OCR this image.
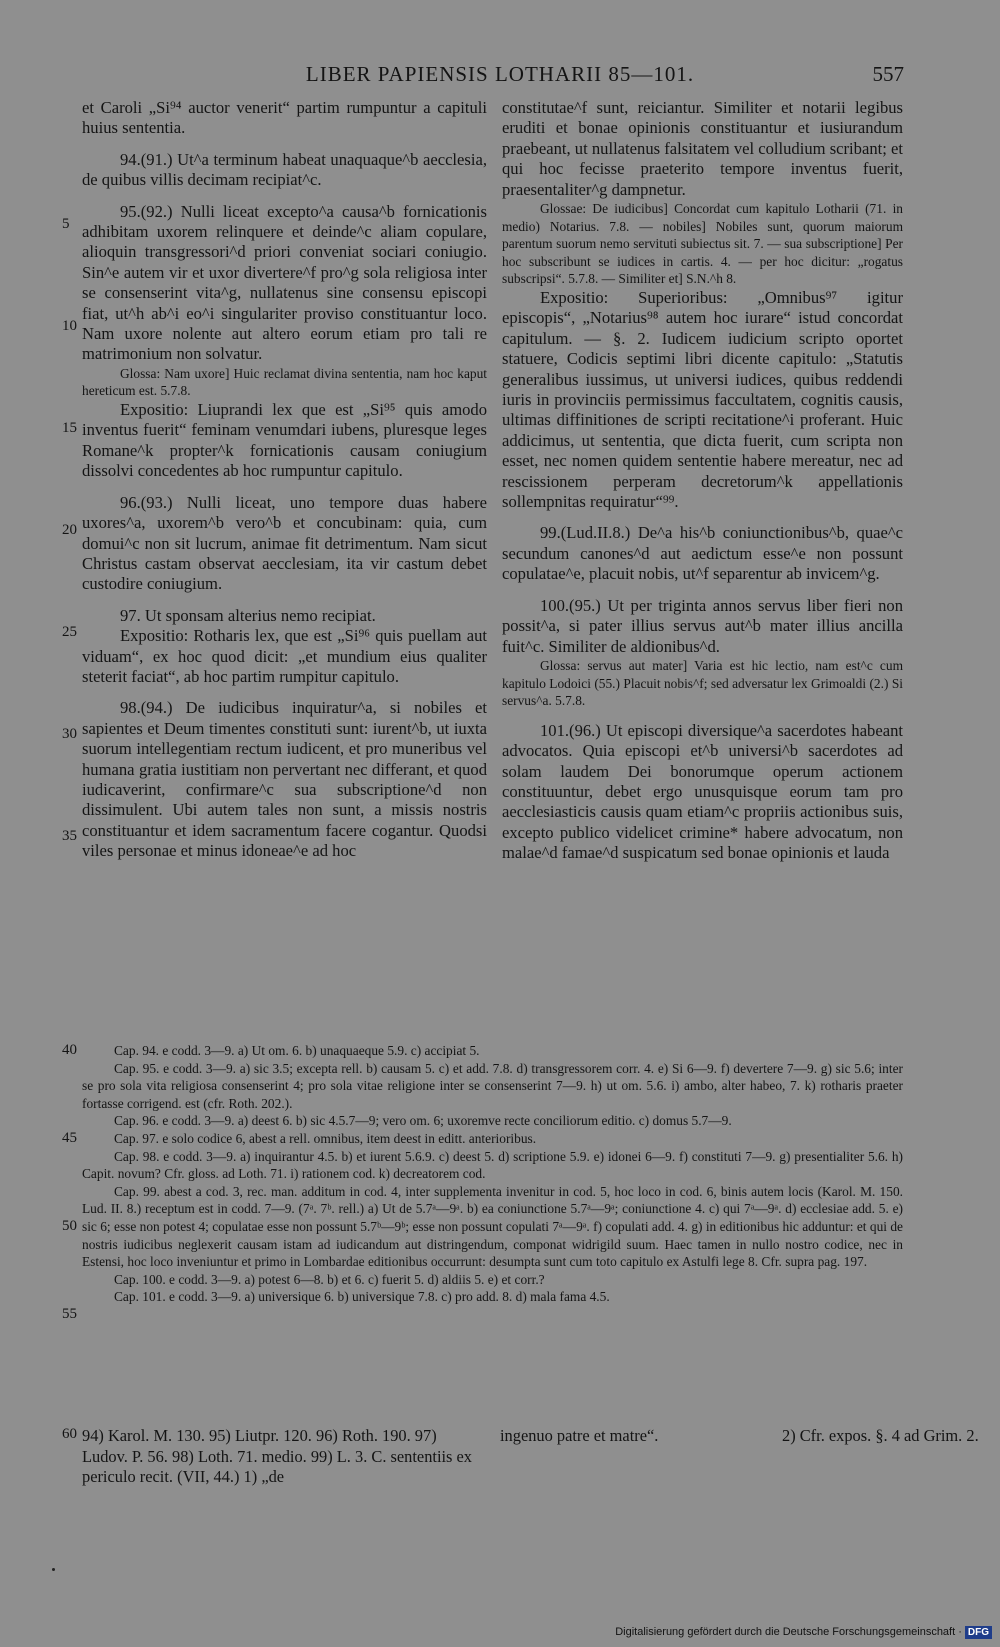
LIBER PAPIENSIS LOTHARII 85—101.	557
5
10
15
20
25
30
35
40
45
50
55
60

et Caroli „Si⁹⁴ auctor venerit“ partim rumpuntur a capituli huius sententia.

94.(91.) Ut^a terminum habeat unaquaque^b aecclesia, de quibus villis decimam recipiat^c.

95.(92.) Nulli liceat excepto^a causa^b fornicationis adhibitam uxorem relinquere et deinde^c aliam copulare, alioquin transgressori^d priori conveniat sociari coniugio. Sin^e autem vir et uxor divertere^f pro^g sola religiosa inter se consenserint vita^g, nullatenus sine consensu episcopi fiat, ut^h ab^i eo^i singulariter proviso constituantur loco. Nam uxore nolente aut altero eorum etiam pro tali re matrimonium non solvatur.

Glossa: Nam uxore] Huic reclamat divina sententia, nam hoc kaput hereticum est. 5.7.8.

Expositio: Liuprandi lex que est „Si⁹⁵ quis amodo inventus fuerit“ feminam venumdari iubens, pluresque leges Romane^k propter^k fornicationis causam coniugium dissolvi concedentes ab hoc rumpuntur capitulo.

96.(93.) Nulli liceat, uno tempore duas habere uxores^a, uxorem^b vero^b et concubinam: quia, cum domui^c non sit lucrum, animae fit detrimentum. Nam sicut Christus castam observat aecclesiam, ita vir castum debet custodire coniugium.

97. Ut sponsam alterius nemo recipiat.

Expositio: Rotharis lex, que est „Si⁹⁶ quis puellam aut viduam“, ex hoc quod dicit: „et mundium eius qualiter steterit faciat“, ab hoc partim rumpitur capitulo.

98.(94.) De iudicibus inquiratur^a, si nobiles et sapientes et Deum timentes constituti sunt: iurent^b, ut iuxta suorum intellegentiam rectum iudicent, et pro muneribus vel humana gratia iustitiam non pervertant nec differant, et quod iudicaverint, confirmare^c sua subscriptione^d non dissimulent. Ubi autem tales non sunt, a missis nostris constituantur et idem sacramentum facere cogantur. Quodsi viles personae et minus idoneae^e ad hoc

constitutae^f sunt, reiciantur. Similiter et notarii legibus eruditi et bonae opinionis constituantur et iusiurandum praebeant, ut nullatenus falsitatem vel colludium scribant; et qui hoc fecisse praeterito tempore inventus fuerit, praesentaliter^g dampnetur.

Glossae: De iudicibus] Concordat cum kapitulo Lotharii (71. in medio) Notarius. 7.8. — nobiles] Nobiles sunt, quorum maiorum parentum suorum nemo servituti subiectus sit. 7. — sua subscriptione] Per hoc subscribunt se iudices in cartis. 4. — per hoc dicitur: „rogatus subscripsi“. 5.7.8. — Similiter et] S.N.^h 8.

Expositio: Superioribus: „Omnibus⁹⁷ igitur episcopis“, „Notarius⁹⁸ autem hoc iurare“ istud concordat capitulum. — §. 2. Iudicem iudicium scripto oportet statuere, Codicis septimi libri dicente capitulo: „Statutis generalibus iussimus, ut universi iudices, quibus reddendi iuris in provinciis permissimus faccultatem, cognitis causis, ultimas diffinitiones de scripti recitatione^i proferant. Huic addicimus, ut sententia, que dicta fuerit, cum scripta non esset, nec nomen quidem sententie habere mereatur, nec ad rescissionem perperam decretorum^k appellationis sollempnitas requiratur“⁹⁹.

99.(Lud.II.8.) De^a his^b coniunctionibus^b, quae^c secundum canones^d aut aedictum esse^e non possunt copulatae^e, placuit nobis, ut^f separentur ab invicem^g.

100.(95.) Ut per triginta annos servus liber fieri non possit^a, si pater illius servus aut^b mater illius ancilla fuit^c. Similiter de aldionibus^d.

Glossa: servus aut mater] Varia est hic lectio, nam est^c cum kapitulo Lodoici (55.) Placuit nobis^f; sed adversatur lex Grimoaldi (2.) Si servus^a. 5.7.8.

101.(96.) Ut episcopi diversique^a sacerdotes habeant advocatos. Quia episcopi et^b universi^b sacerdotes ad solam laudem Dei bonorumque operum actionem constituuntur, debet ergo unusquisque eorum tam pro aecclesiasticis causis quam etiam^c propriis actionibus suis, excepto publico videlicet crimine* habere advocatum, non malae^d famae^d suspicatum sed bonae opinionis et lauda

Cap. 94. e codd. 3—9. a) Ut om. 6. b) unaquaeque 5.9. c) accipiat 5.

Cap. 95. e codd. 3—9. a) sic 3.5; excepta rell. b) causam 5. c) et add. 7.8. d) transgressorem corr. 4. e) Si 6—9. f) devertere 7—9. g) sic 5.6; inter se pro sola vita religiosa consenserint 4; pro sola vitae religione inter se consenserint 7—9. h) ut om. 5.6. i) ambo, alter habeo, 7. k) rotharis praeter fortasse corrigend. est (cfr. Roth. 202.).

Cap. 96. e codd. 3—9. a) deest 6. b) sic 4.5.7—9; vero om. 6; uxoremve recte conciliorum editio. c) domus 5.7—9.

Cap. 97. e solo codice 6, abest a rell. omnibus, item deest in editt. anterioribus.

Cap. 98. e codd. 3—9. a) inquirantur 4.5. b) et iurent 5.6.9. c) deest 5. d) scriptione 5.9. e) idonei 6—9. f) constituti 7—9. g) presentialiter 5.6. h) Capit. novum? Cfr. gloss. ad Loth. 71. i) rationem cod. k) decreatorem cod.

Cap. 99. abest a cod. 3, rec. man. additum in cod. 4, inter supplementa invenitur in cod. 5, hoc loco in cod. 6, binis autem locis (Karol. M. 150. Lud. II. 8.) receptum est in codd. 7—9. (7ᵃ. 7ᵇ. rell.) a) Ut de 5.7ᵃ—9ᵃ. b) ea coniunctione 5.7ᵃ—9ᵃ; coniunctione 4. c) qui 7ᵃ—9ᵃ. d) ecclesiae add. 5. e) sic 6; esse non potest 4; copulatae esse non possunt 5.7ᵇ—9ᵇ; esse non possunt copulati 7ᵃ—9ᵃ. f) copulati add. 4. g) in editionibus hic adduntur: et qui de nostris iudicibus neglexerit causam istam ad iudicandum aut distringendum, componat widrigild suum. Haec tamen in nullo nostro codice, nec in Estensi, hoc loco inveniuntur et primo in Lombardae editionibus occurrunt: desumpta sunt cum toto capitulo ex Astulfi lege 8. Cfr. supra pag. 197.

Cap. 100. e codd. 3—9. a) potest 6—8. b) et 6. c) fuerit 5. d) aldiis 5. e) et corr.?

Cap. 101. e codd. 3—9. a) universique 6. b) universique 7.8. c) pro add. 8. d) mala fama 4.5.

94) Karol. M. 130. 95) Liutpr. 120. 96) Roth. 190. 97) Ludov. P. 56. 98) Loth. 71. medio. 99) L. 3. C. sententiis ex periculo recit. (VII, 44.) 1) „de
ingenuo patre et matre“.	2) Cfr. expos. §. 4 ad Grim. 2.
Digitalisierung gefördert durch die Deutsche Forschungsgemeinschaft · DFG
